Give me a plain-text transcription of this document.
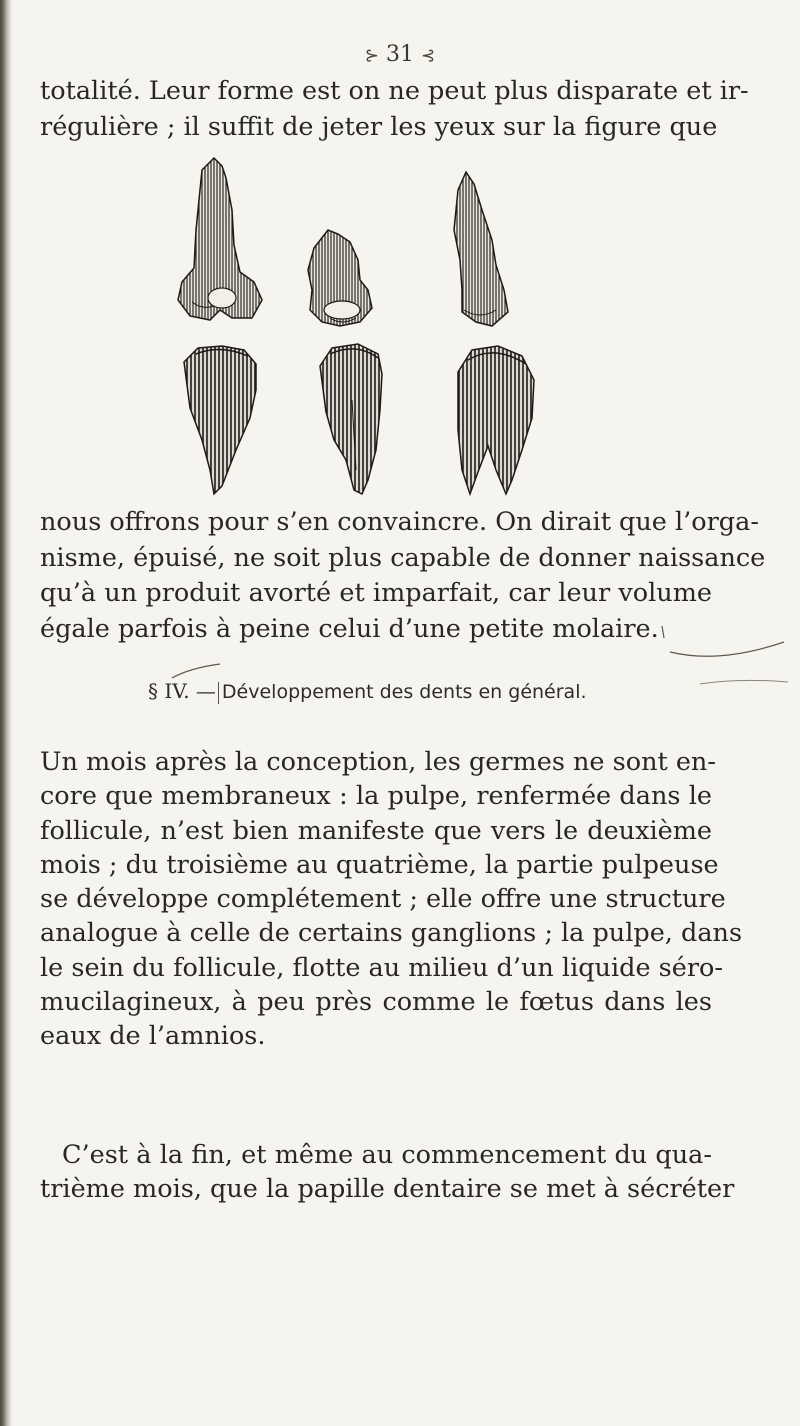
⊱ 31 ⊰
totalité. Leur forme est on ne peut plus disparate et ir-
régulière ; il suffit de jeter les yeux sur la figure que
nous offrons pour s’en convaincre. On dirait que l’orga-
nisme, épuisé, ne soit plus capable de donner naissance
qu’à un produit avorté et imparfait, car leur volume
égale parfois à peine celui d’une petite molaire.
§ IV. — Développement des dents en général.
Un mois après la conception, les germes ne sont en-
core que membraneux : la pulpe, renfermée dans le
follicule, n’est bien manifeste que vers le deuxième
mois ; du troisième au quatrième, la partie pulpeuse
se développe complétement ; elle offre une structure
analogue à celle de certains ganglions ; la pulpe, dans
le sein du follicule, flotte au milieu d’un liquide séro-
mucilagineux, à peu près comme le fœtus dans les
eaux de l’amnios.
C’est à la fin, et même au commencement du qua-
trième mois, que la papille dentaire se met à sécréter
